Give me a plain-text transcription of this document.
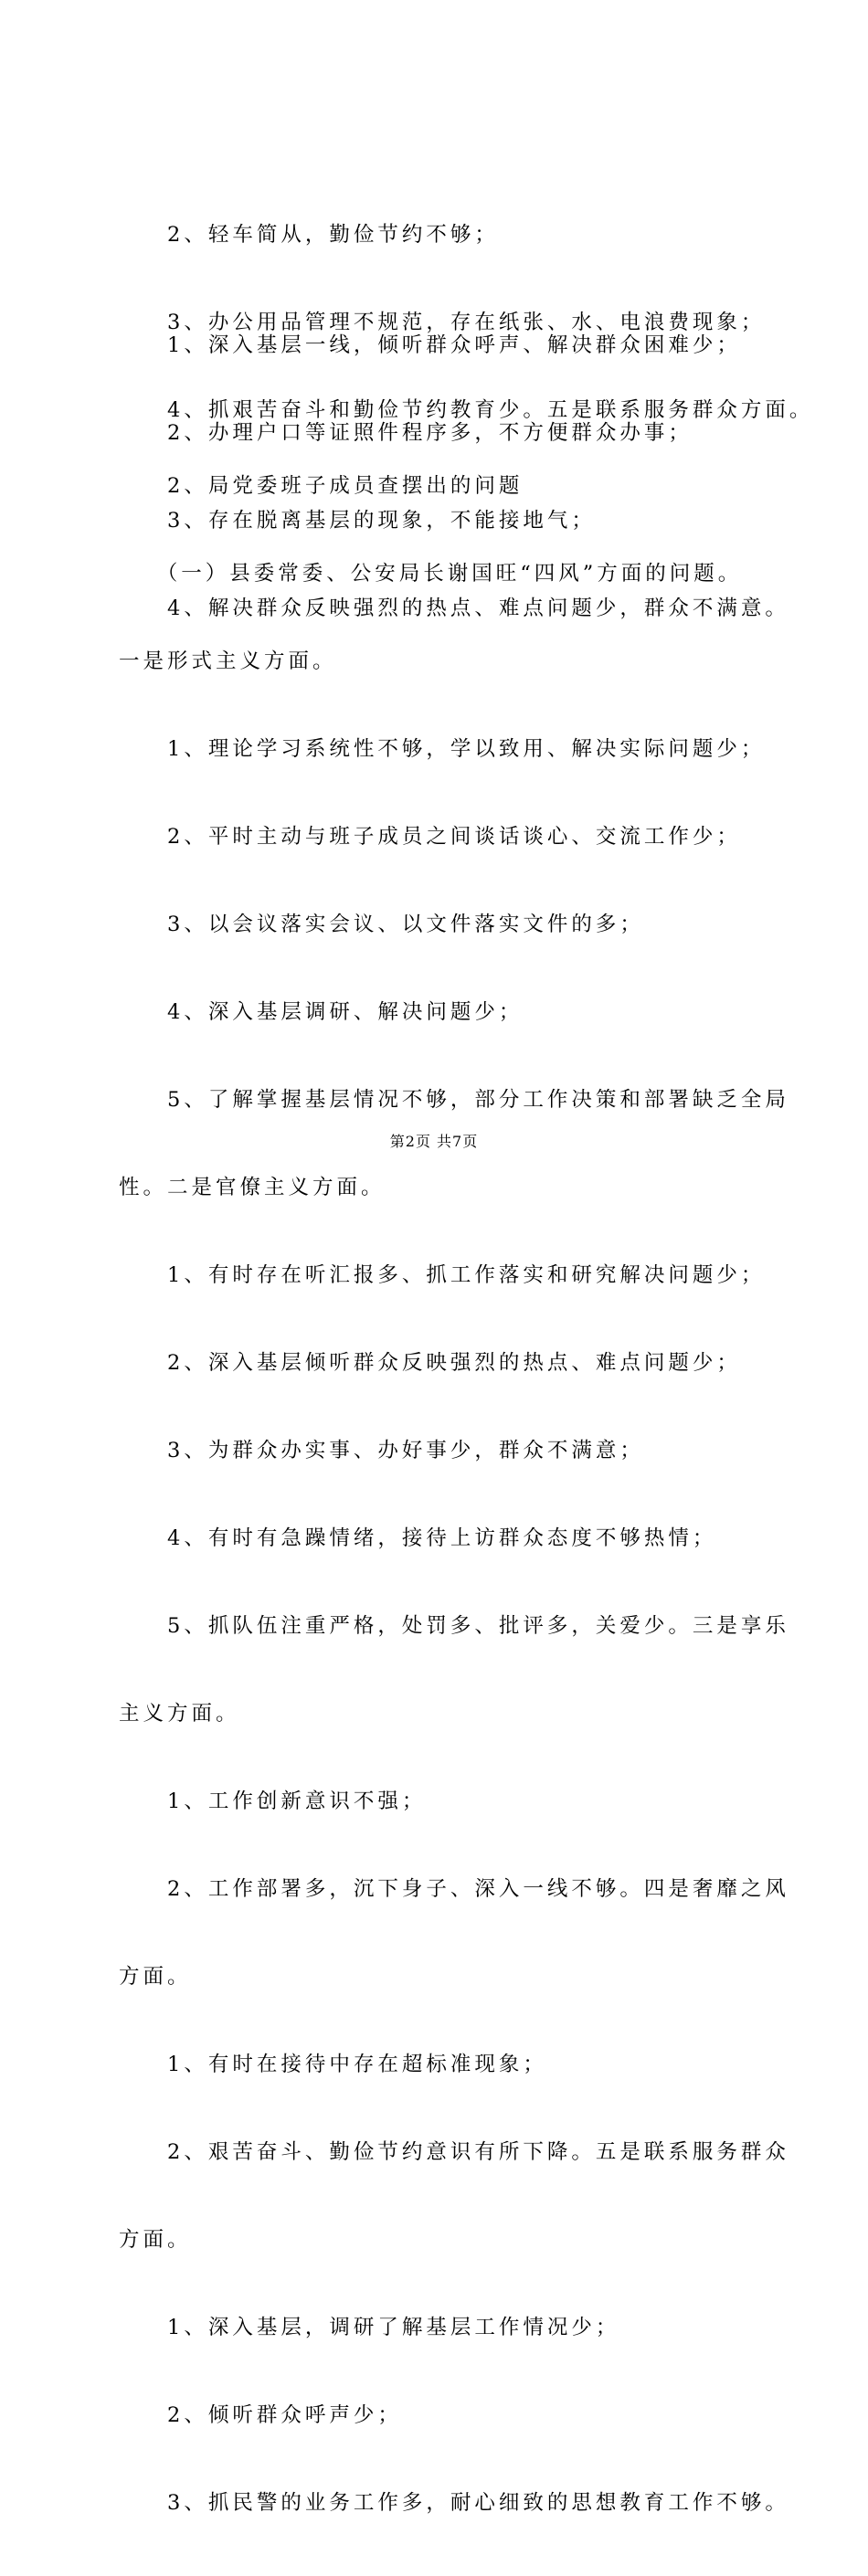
　　2、轻车简从，勤俭节约不够；

　　3、办公用品管理不规范，存在纸张、水、电浪费现象；

　　4、抓艰苦奋斗和勤俭节约教育少。五是联系服务群众方面。

　　1、深入基层一线，倾听群众呼声、解决群众困难少；

　　2、办理户口等证照件程序多，不方便群众办事；

　　3、存在脱离基层的现象，不能接地气；

　　4、解决群众反映强烈的热点、难点问题少，群众不满意。

　　2、局党委班子成员查摆出的问题

　　（一）县委常委、公安局长谢国旺“四风”方面的问题。

一是形式主义方面。

　　1、理论学习系统性不够，学以致用、解决实际问题少；

　　2、平时主动与班子成员之间谈话谈心、交流工作少；

　　3、以会议落实会议、以文件落实文件的多；

　　4、深入基层调研、解决问题少；

　　5、了解掌握基层情况不够，部分工作决策和部署缺乏全局

性。二是官僚主义方面。

　　1、有时存在听汇报多、抓工作落实和研究解决问题少；

　　2、深入基层倾听群众反映强烈的热点、难点问题少；

　　3、为群众办实事、办好事少，群众不满意；

　　4、有时有急躁情绪，接待上访群众态度不够热情；

　　5、抓队伍注重严格，处罚多、批评多，关爱少。三是享乐

主义方面。

　　1、工作创新意识不强；

　　2、工作部署多，沉下身子、深入一线不够。四是奢靡之风

方面。

　　1、有时在接待中存在超标准现象；

　　2、艰苦奋斗、勤俭节约意识有所下降。五是联系服务群众

方面。

　　1、深入基层，调研了解基层工作情况少；

　　2、倾听群众呼声少；

　　3、抓民警的业务工作多，耐心细致的思想教育工作不够。

第2页 共7页
